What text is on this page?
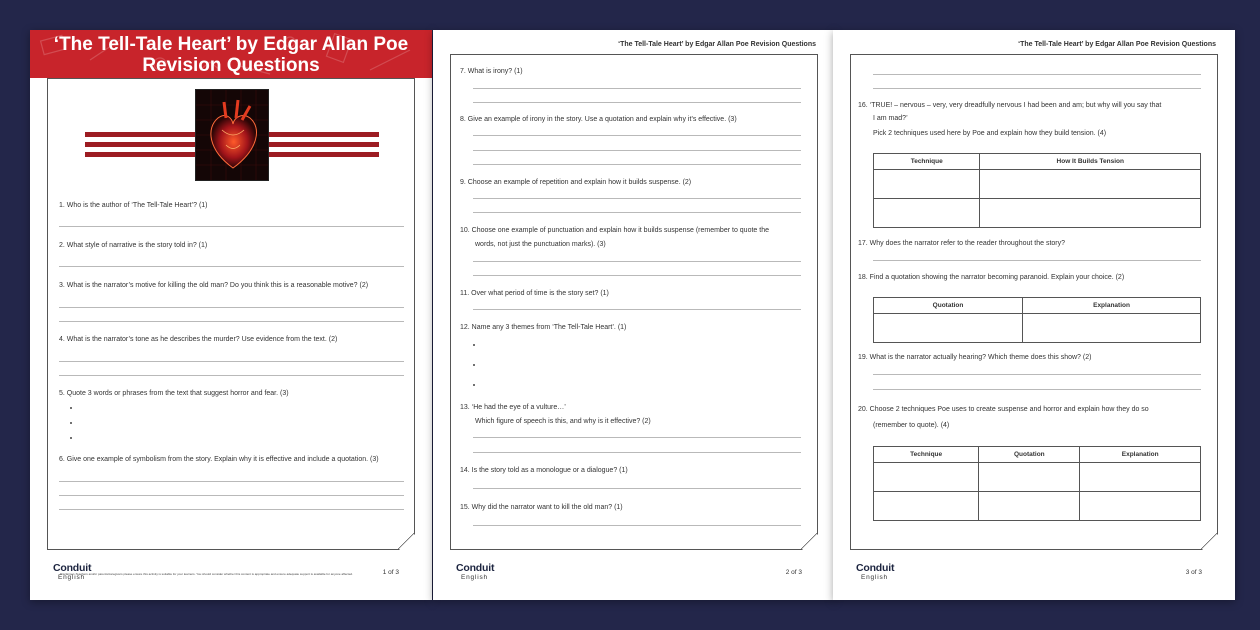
‘The Tell-Tale Heart’ by Edgar Allan Poe
Revision Questions
1. Who is the author of ‘The Tell-Tale Heart’? (1)
2. What style of narrative is the story told in? (1)
3. What is the narrator’s motive for killing the old man? Do you think this is a reasonable motive? (2)
4. What is the narrator’s tone as he describes the murder? Use evidence from the text. (2)
5. Quote 3 words or phrases from the text that suggest horror and fear. (3)
6. Give one example of symbolism from the story. Explain why it is effective and include a quotation. (3)
Disclaimer: Teachers and/or parents/caregivers please ensure this activity is suitable for your learners. You should consider whether this content is appropriate and ensure adequate support is available for anyone affected.
Conduit
English
1 of 3
‘The Tell-Tale Heart’ by Edgar Allan Poe Revision Questions
7. What is irony? (1)
8. Give an example of irony in the story. Use a quotation and explain why it’s effective. (3)
9. Choose an example of repetition and explain how it builds suspense. (2)
10. Choose one example of punctuation and explain how it builds suspense (remember to quote the
words, not just the punctuation marks). (3)
11. Over what period of time is the story set? (1)
12. Name any 3 themes from ‘The Tell-Tale Heart’. (1)
13. ‘He had the eye of a vulture…’
Which figure of speech is this, and why is it effective? (2)
14. Is the story told as a monologue or a dialogue? (1)
15. Why did the narrator want to kill the old man? (1)
Conduit
English
2 of 3
‘The Tell-Tale Heart’ by Edgar Allan Poe Revision Questions
16. ‘TRUE! – nervous – very, very dreadfully nervous I had been and am; but why will you say that
I am mad?’
Pick 2 techniques used here by Poe and explain how they build tension. (4)
Technique	How It Builds Tension

17. Why does the narrator refer to the reader throughout the story?
18. Find a quotation showing the narrator becoming paranoid. Explain your choice. (2)
Quotation	Explanation

19. What is the narrator actually hearing? Which theme does this show? (2)
20. Choose 2 techniques Poe uses to create suspense and horror and explain how they do so
(remember to quote). (4)
Technique	Quotation	Explanation

Conduit
English
3 of 3
